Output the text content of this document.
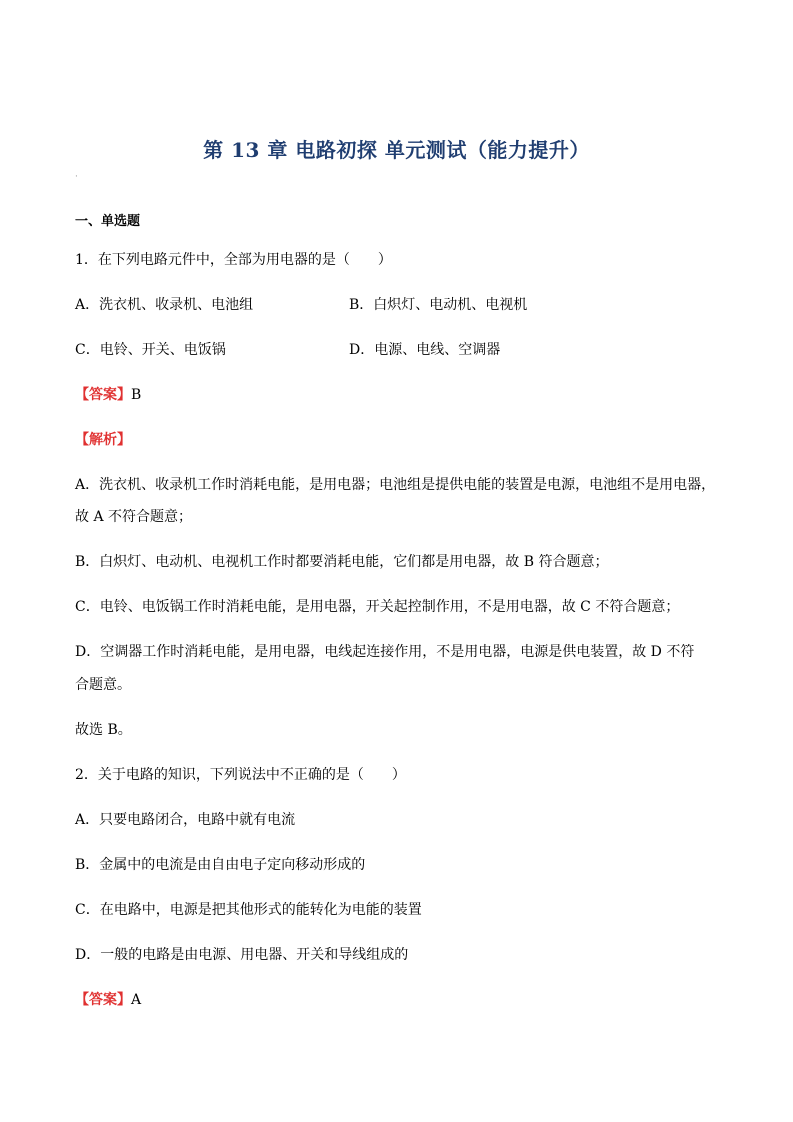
第 13 章 电路初探 单元测试（能力提升）
·
一、单选题
1．在下列电路元件中，全部为用电器的是（　　）
A．洗衣机、收录机、电池组	B．白炽灯、电动机、电视机
C．电铃、开关、电饭锅	D．电源、电线、空调器
【答案】B
【解析】
A．洗衣机、收录机工作时消耗电能，是用电器；电池组是提供电能的装置是电源，电池组不是用电器，
故 A 不符合题意；
B．白炽灯、电动机、电视机工作时都要消耗电能，它们都是用电器，故 B 符合题意；
C．电铃、电饭锅工作时消耗电能，是用电器，开关起控制作用，不是用电器，故 C 不符合题意；
D．空调器工作时消耗电能，是用电器，电线起连接作用，不是用电器，电源是供电装置，故 D 不符
合题意。
故选 B。
2．关于电路的知识，下列说法中不正确的是（　　）
A．只要电路闭合，电路中就有电流
B．金属中的电流是由自由电子定向移动形成的
C．在电路中，电源是把其他形式的能转化为电能的装置
D．一般的电路是由电源、用电器、开关和导线组成的
【答案】A
